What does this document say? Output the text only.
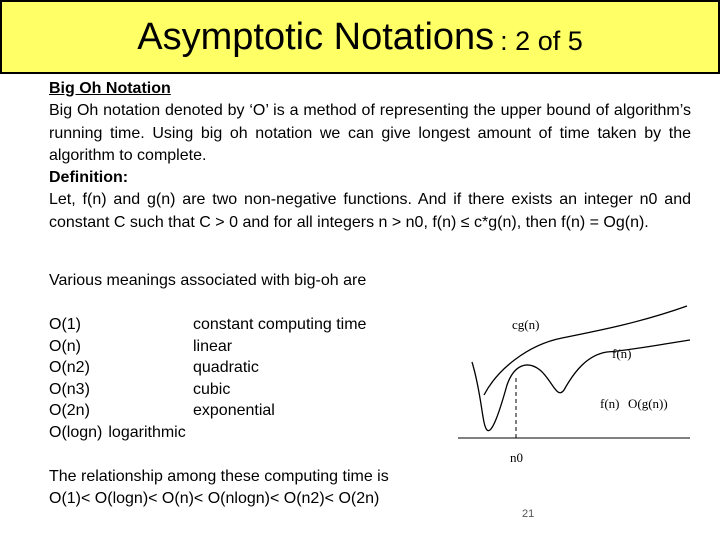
Asymptotic Notations : 2 of 5

Big Oh Notation

Big Oh notation denoted by ‘O’ is a method of representing the upper bound of algorithm’s running time. Using big oh notation we can give longest amount of time taken by the algorithm to complete.

Definition:

Let, f(n) and g(n) are two non-negative functions. And if there exists an integer n0 and constant C such that C > 0 and for all integers n > n0, f(n) ≤ c*g(n), then f(n) = Og(n).

Various meanings associated with big-oh are
O(1)	constant computing time
O(n)	linear
O(n2)	quadratic
O(n3)	cubic
O(2n)	exponential
O(logn) logarithmic
The relationship among these computing time is
O(1)< O(logn)< O(n)< O(nlogn)< O(n2)< O(2n)
cg(n)
f(n)
f(n) O(g(n))
n0
21
